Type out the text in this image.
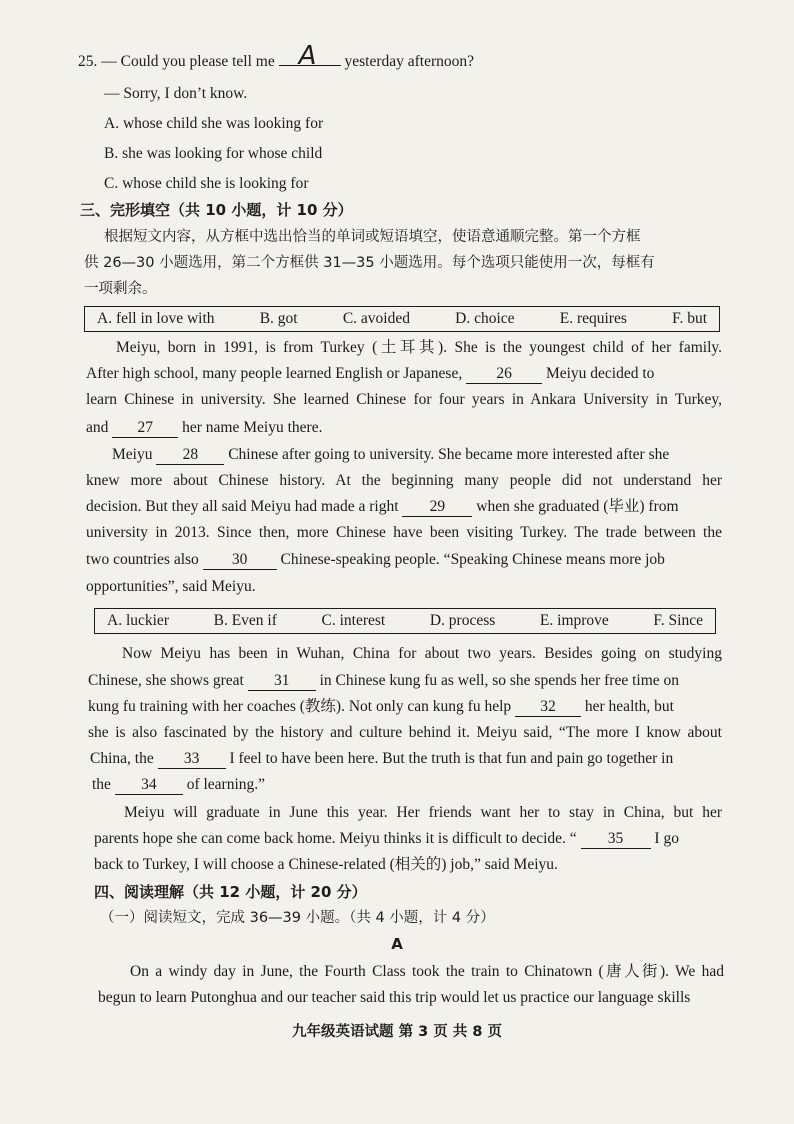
25. — Could you please tell me A yesterday afternoon?
— Sorry, I don’t know.
A. whose child she was looking for
B. she was looking for whose child
C. whose child she is looking for
三、完形填空（共 10 小题，计 10 分）
根据短文内容，从方框中选出恰当的单词或短语填空，使语意通顺完整。第一个方框
供 26—30 小题选用，第二个方框供 31—35 小题选用。每个选项只能使用一次，每框有
一项剩余。
A. fell in love with	B. got	C. avoided	D. choice	E. requires	F. but
Meiyu, born in 1991, is from Turkey (土耳其). She is the youngest child of her family.
After high school, many people learned English or Japanese, 26 Meiyu decided to
learn Chinese in university. She learned Chinese for four years in Ankara University in Turkey,
and 27 her name Meiyu there.
Meiyu 28 Chinese after going to university. She became more interested after she
knew more about Chinese history. At the beginning many people did not understand her
decision. But they all said Meiyu had made a right 29 when she graduated (毕业) from
university in 2013. Since then, more Chinese have been visiting Turkey. The trade between the
two countries also 30 Chinese-speaking people. “Speaking Chinese means more job
opportunities”, said Meiyu.
A. luckier	B. Even if	C. interest	D. process	E. improve	F. Since
Now Meiyu has been in Wuhan, China for about two years. Besides going on studying
Chinese, she shows great 31 in Chinese kung fu as well, so she spends her free time on
kung fu training with her coaches (教练). Not only can kung fu help 32 her health, but
she is also fascinated by the history and culture behind it. Meiyu said, “The more I know about
China, the 33 I feel to have been here. But the truth is that fun and pain go together in
the 34 of learning.”
Meiyu will graduate in June this year. Her friends want her to stay in China, but her
parents hope she can come back home. Meiyu thinks it is difficult to decide. “ 35 I go
back to Turkey, I will choose a Chinese-related (相关的) job,” said Meiyu.
四、阅读理解（共 12 小题，计 20 分）
（一）阅读短文，完成 36—39 小题。（共 4 小题，计 4 分）
A
On a windy day in June, the Fourth Class took the train to Chinatown (唐人街). We had
begun to learn Putonghua and our teacher said this trip would let us practice our language skills
九年级英语试题 第 3 页 共 8 页
